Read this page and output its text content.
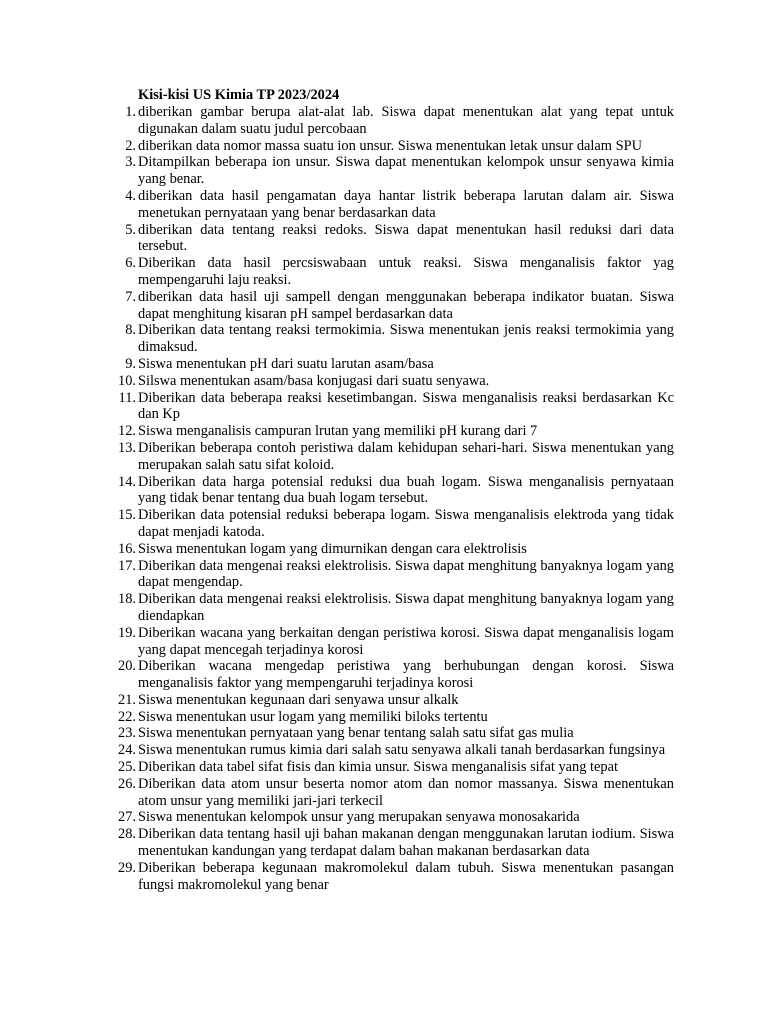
Kisi-kisi US Kimia TP 2023/2024
1. diberikan gambar berupa alat-alat lab. Siswa dapat menentukan alat yang tepat untuk digunakan dalam suatu judul percobaan
2. diberikan data nomor massa suatu ion unsur. Siswa menentukan letak unsur dalam SPU
3. Ditampilkan beberapa ion unsur. Siswa dapat menentukan kelompok unsur senyawa kimia yang benar.
4. diberikan data hasil pengamatan daya hantar listrik beberapa larutan dalam air. Siswa menetukan pernyataan yang benar berdasarkan data
5. diberikan data tentang reaksi redoks. Siswa dapat menentukan hasil reduksi dari data tersebut.
6. Diberikan data hasil percsiswabaan untuk reaksi. Siswa menganalisis faktor yag mempengaruhi laju reaksi.
7. diberikan data hasil uji sampell dengan menggunakan beberapa indikator buatan. Siswa dapat menghitung kisaran pH sampel berdasarkan data
8. Diberikan data tentang reaksi termokimia. Siswa menentukan jenis reaksi termokimia yang dimaksud.
9. Siswa menentukan pH dari suatu larutan asam/basa
10. Silswa menentukan asam/basa konjugasi dari suatu senyawa.
11. Diberikan data beberapa reaksi kesetimbangan. Siswa menganalisis reaksi berdasarkan Kc dan Kp
12. Siswa menganalisis campuran lrutan yang memiliki pH kurang dari 7
13. Diberikan beberapa contoh peristiwa dalam kehidupan sehari-hari. Siswa menentukan yang merupakan salah satu sifat koloid.
14. Diberikan data harga potensial reduksi dua buah logam. Siswa menganalisis pernyataan yang tidak benar tentang dua buah logam tersebut.
15. Diberikan data potensial reduksi beberapa logam. Siswa menganalisis elektroda yang tidak dapat menjadi katoda.
16. Siswa menentukan logam yang dimurnikan dengan cara elektrolisis
17. Diberikan data mengenai reaksi elektrolisis. Siswa dapat menghitung banyaknya logam yang dapat mengendap.
18. Diberikan data mengenai reaksi elektrolisis. Siswa dapat menghitung banyaknya logam yang diendapkan
19. Diberikan wacana yang berkaitan dengan peristiwa korosi. Siswa dapat menganalisis logam yang dapat mencegah terjadinya korosi
20. Diberikan wacana mengedap peristiwa yang berhubungan dengan korosi. Siswa menganalisis faktor yang mempengaruhi terjadinya korosi
21. Siswa menentukan kegunaan dari senyawa unsur alkalk
22. Siswa menentukan usur logam yang memiliki biloks tertentu
23. Siswa menentukan pernyataan yang benar tentang salah satu sifat gas mulia
24. Siswa menentukan rumus kimia dari salah satu senyawa alkali tanah berdasarkan fungsinya
25. Diberikan data tabel sifat fisis dan kimia unsur. Siswa menganalisis sifat yang tepat
26. Diberikan data atom unsur beserta nomor atom dan nomor massanya. Siswa menentukan atom unsur yang memiliki jari-jari terkecil
27. Siswa menentukan kelompok unsur yang merupakan senyawa monosakarida
28. Diberikan data tentang hasil uji bahan makanan dengan menggunakan larutan iodium. Siswa menentukan kandungan yang terdapat dalam bahan makanan berdasarkan data
29. Diberikan beberapa kegunaan makromolekul dalam tubuh. Siswa menentukan pasangan fungsi makromolekul yang benar
